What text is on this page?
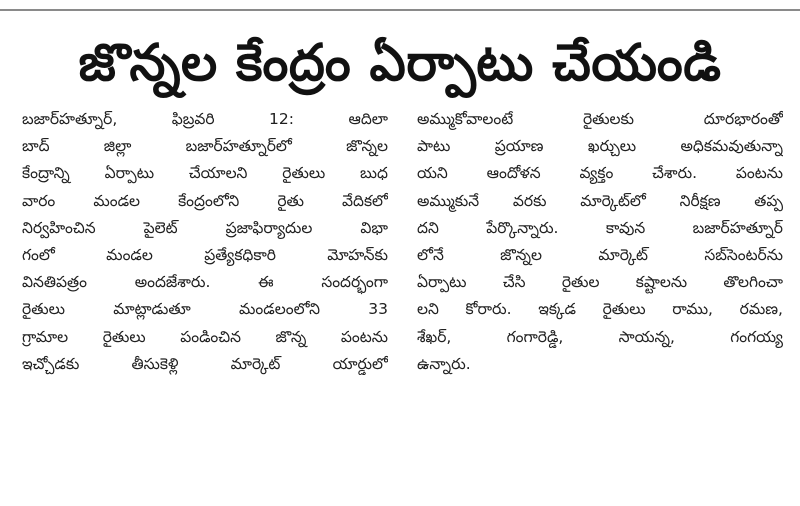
జొన్నల కేంద్రం ఏర్పాటు చేయండి
బజార్‌హత్నూర్‌, ఫిబ్రవరి 12: ఆదిలా
బాద్‌ జిల్లా బజార్‌హత్నూర్‌లో జొన్నల
కేంద్రాన్ని ఏర్పాటు చేయాలని రైతులు బుధ
వారం మండల కేంద్రంలోని రైతు వేదికలో
నిర్వహించిన పైలెట్‌ ప్రజాఫిర్యాదుల విభా
గంలో మండల ప్రత్యేకధికారి మోహన్‌కు
వినతిపత్రం అందజేశారు. ఈ సందర్భంగా
రైతులు మాట్లాడుతూ మండలంలోని 33
గ్రామాల రైతులు పండించిన జొన్న పంటను
ఇచ్చోడకు తీసుకెళ్లి మార్కెట్‌ యార్డులో
అమ్ముకోవాలంటే రైతులకు దూరభారంతో
పాటు ప్రయాణ ఖర్చులు అధికమవుతున్నా
యని ఆందోళన వ్యక్తం చేశారు. పంటను
అమ్ముకునే వరకు మార్కెట్‌లో నిరీక్షణ తప్ప
దని పేర్కొన్నారు. కావున బజార్‌హత్నూర్‌
లోనే జొన్నల మార్కెట్‌ సబ్‌సెంటర్‌ను
ఏర్పాటు చేసి రైతుల కష్టాలను తొలగించా
లని కోరారు. ఇక్కడ రైతులు రాము, రమణ,
శేఖర్‌, గంగారెడ్డి, సాయన్న, గంగయ్య
ఉన్నారు.
